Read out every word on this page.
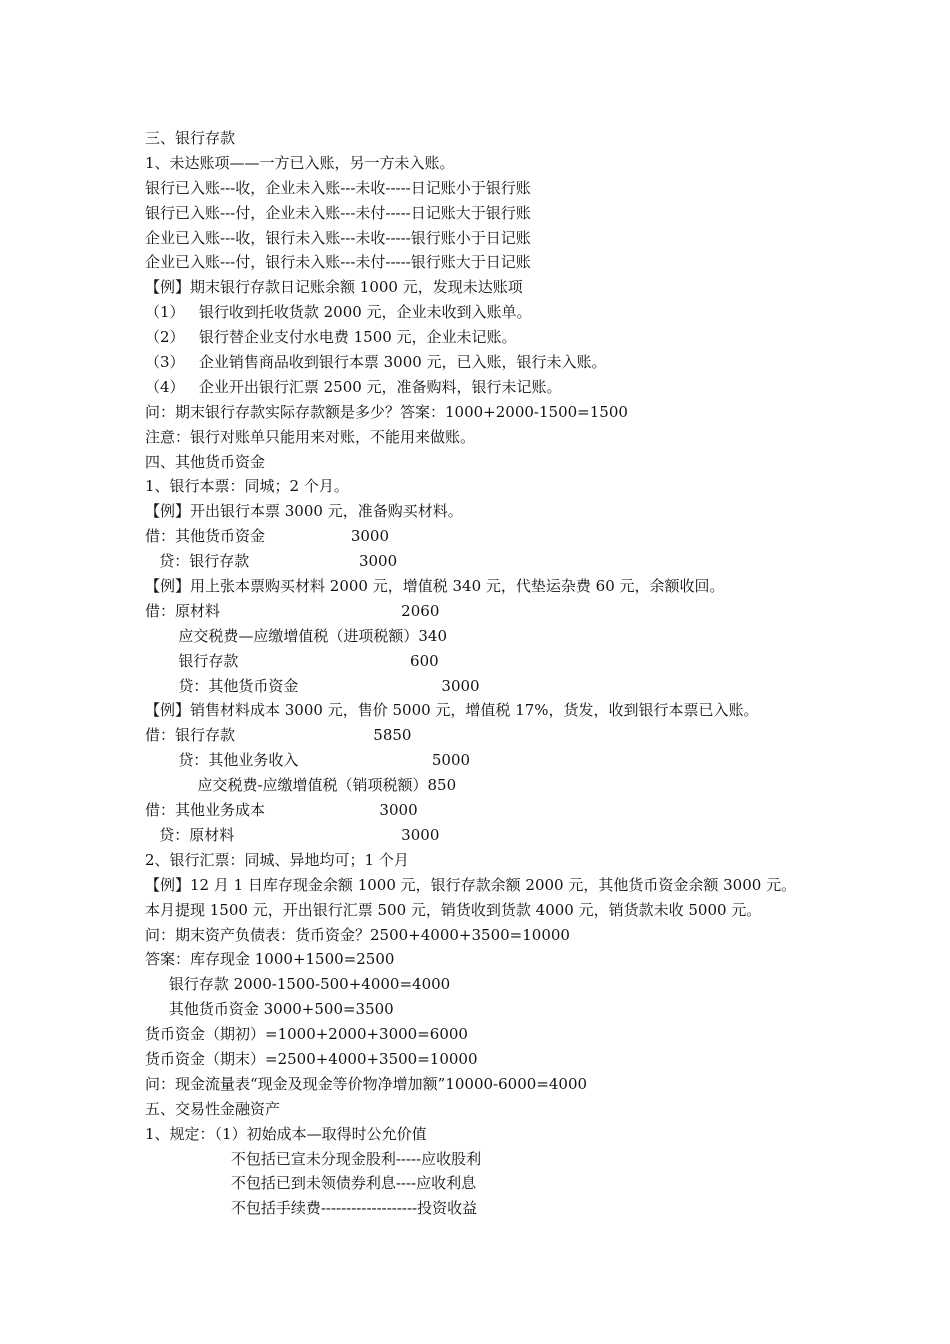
三、银行存款
1、未达账项——一方已入账，另一方未入账。
银行已入账---收，企业未入账---未收-----日记账小于银行账
银行已入账---付，企业未入账---未付-----日记账大于银行账
企业已入账---收，银行未入账---未收-----银行账小于日记账
企业已入账---付，银行未入账---未付-----银行账大于日记账
【例】期末银行存款日记账余额 1000 元，发现未达账项
（1）   银行收到托收货款 2000 元，企业未收到入账单。
（2）   银行替企业支付水电费 1500 元，企业未记账。
（3）   企业销售商品收到银行本票 3000 元，已入账，银行未入账。
（4）   企业开出银行汇票 2500 元，准备购料，银行未记账。
问：期末银行存款实际存款额是多少？答案：1000+2000-1500=1500
注意：银行对账单只能用来对账，不能用来做账。
四、其他货币资金
1、银行本票：同城；2 个月。
【例】开出银行本票 3000 元，准备购买材料。
借：其他货币资金                  3000
贷：银行存款                       3000
【例】用上张本票购买材料 2000 元，增值税 340 元，代垫运杂费 60 元，余额收回。
借：原材料                                      2060
应交税费—应缴增值税（进项税额）340
银行存款                                    600
贷：其他货币资金                              3000
【例】销售材料成本 3000 元，售价 5000 元，增值税 17%，货发，收到银行本票已入账。
借：银行存款                             5850
贷：其他业务收入                            5000
应交税费-应缴增值税（销项税额）850
借：其他业务成本                        3000
贷：原材料                                   3000
2、银行汇票：同城、异地均可；1 个月
【例】12 月 1 日库存现金余额 1000 元，银行存款余额 2000 元，其他货币资金余额 3000 元。
本月提现 1500 元，开出银行汇票 500 元，销货收到货款 4000 元，销货款未收 5000 元。
问：期末资产负债表：货币资金？2500+4000+3500=10000
答案：库存现金 1000+1500=2500
银行存款 2000-1500-500+4000=4000
其他货币资金 3000+500=3500
货币资金（期初）=1000+2000+3000=6000
货币资金（期末）=2500+4000+3500=10000
问：现金流量表“现金及现金等价物净增加额”10000-6000=4000
五、交易性金融资产
1、规定：（1）初始成本—取得时公允价值
不包括已宣未分现金股利-----应收股利
不包括已到未领债券利息----应收利息
不包括手续费-------------------投资收益
